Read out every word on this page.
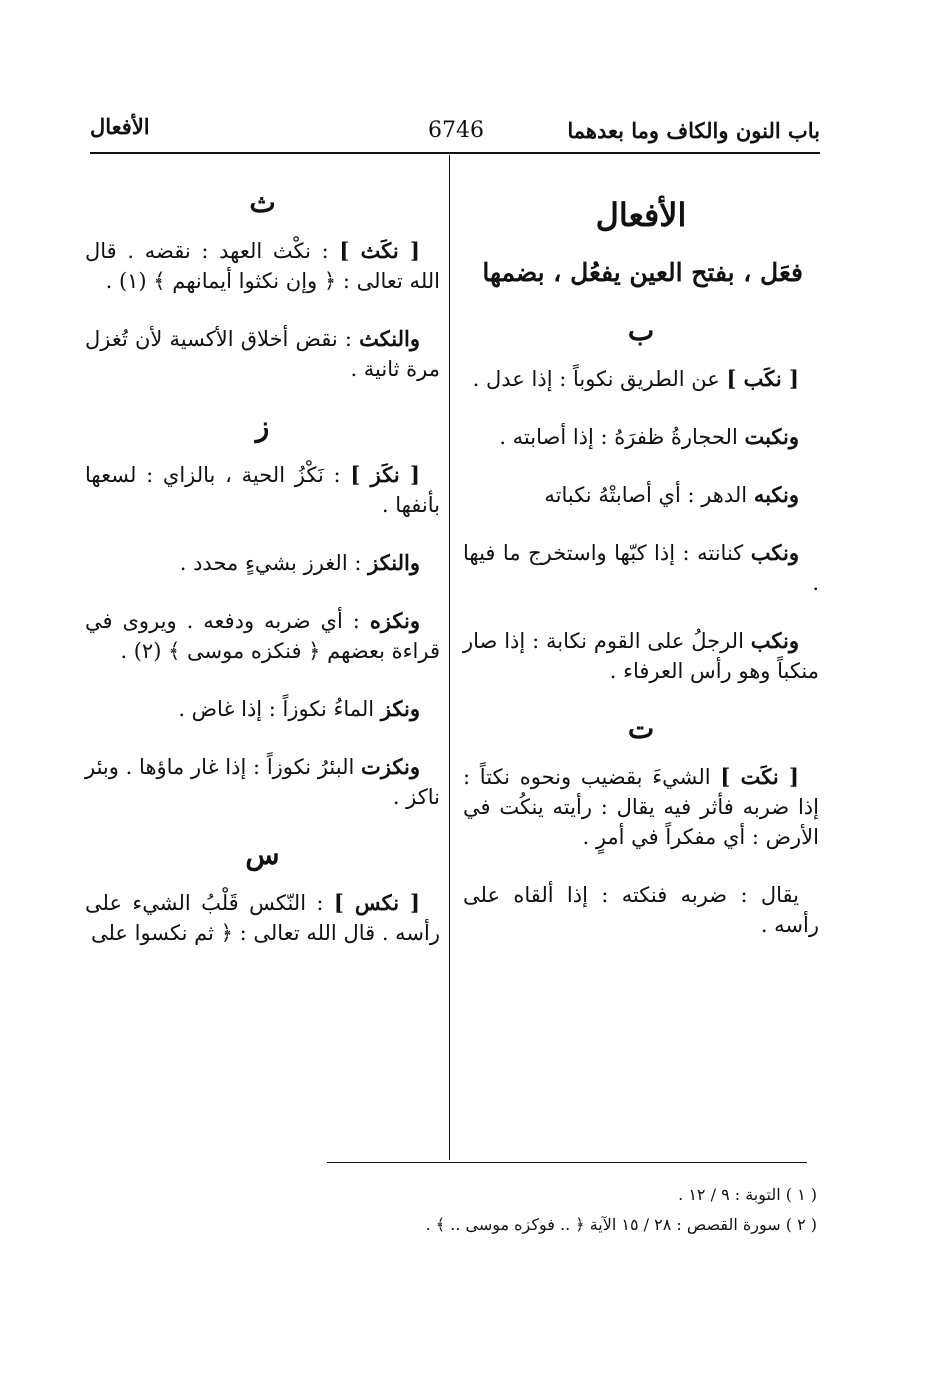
باب النون والكاف وما بعدهما
6746
الأفعال
الأفعال
فعَل ، بفتح العين يفعُل ، بضمها
ب

[ نكَب ] عن الطريق نكوباً : إذا عدل .

ونكبت الحجارةُ ظفرَهُ : إذا أصابته .

ونكبه الدهر : أي أصابتْهُ نكباته

ونكب كنانته : إذا كبّها واستخرج ما فيها .

ونكب الرجلُ على القوم نكابة : إذا صار منكباً وهو رأس العرفاء .

ت

[ نكَت ] الشيءَ بقضيب ونحوه نكتاً : إذا ضربه فأثر فيه يقال : رأيته ينكُت في الأرض : أي مفكراً في أمرٍ .

يقال : ضربه فنكته : إذا ألقاه على رأسه .

ث

[ نكَث ] : نكْث العهد : نقضه . قال الله تعالى : ﴿ وإن نكثوا أيمانهم ﴾ (١) .

والنكث : نقض أخلاق الأكسية لأن تُغزل مرة ثانية .

ز

[ نكَز ] : نَكْزُ الحية ، بالزاي : لسعها بأنفها .

والنكز : الغرز بشيءٍ محدد .

ونكزه : أي ضربه ودفعه . ويروى في قراءة بعضهم ﴿ فنكزه موسى ﴾ (٢) .

ونكز الماءُ نكوزاً : إذا غاض .

ونكزت البئرُ نكوزاً : إذا غار ماؤها . وبئر ناكز .

س

[ نكس ] : النّكس قَلْبُ الشيء على رأسه . قال الله تعالى : ﴿ ثم نكسوا على

( ١ ) التوبة : ٩ / ١٢ .
( ٢ ) سورة القصص : ٢٨ / ١٥ الآية ﴿ .. فوكزه موسى .. ﴾ .
